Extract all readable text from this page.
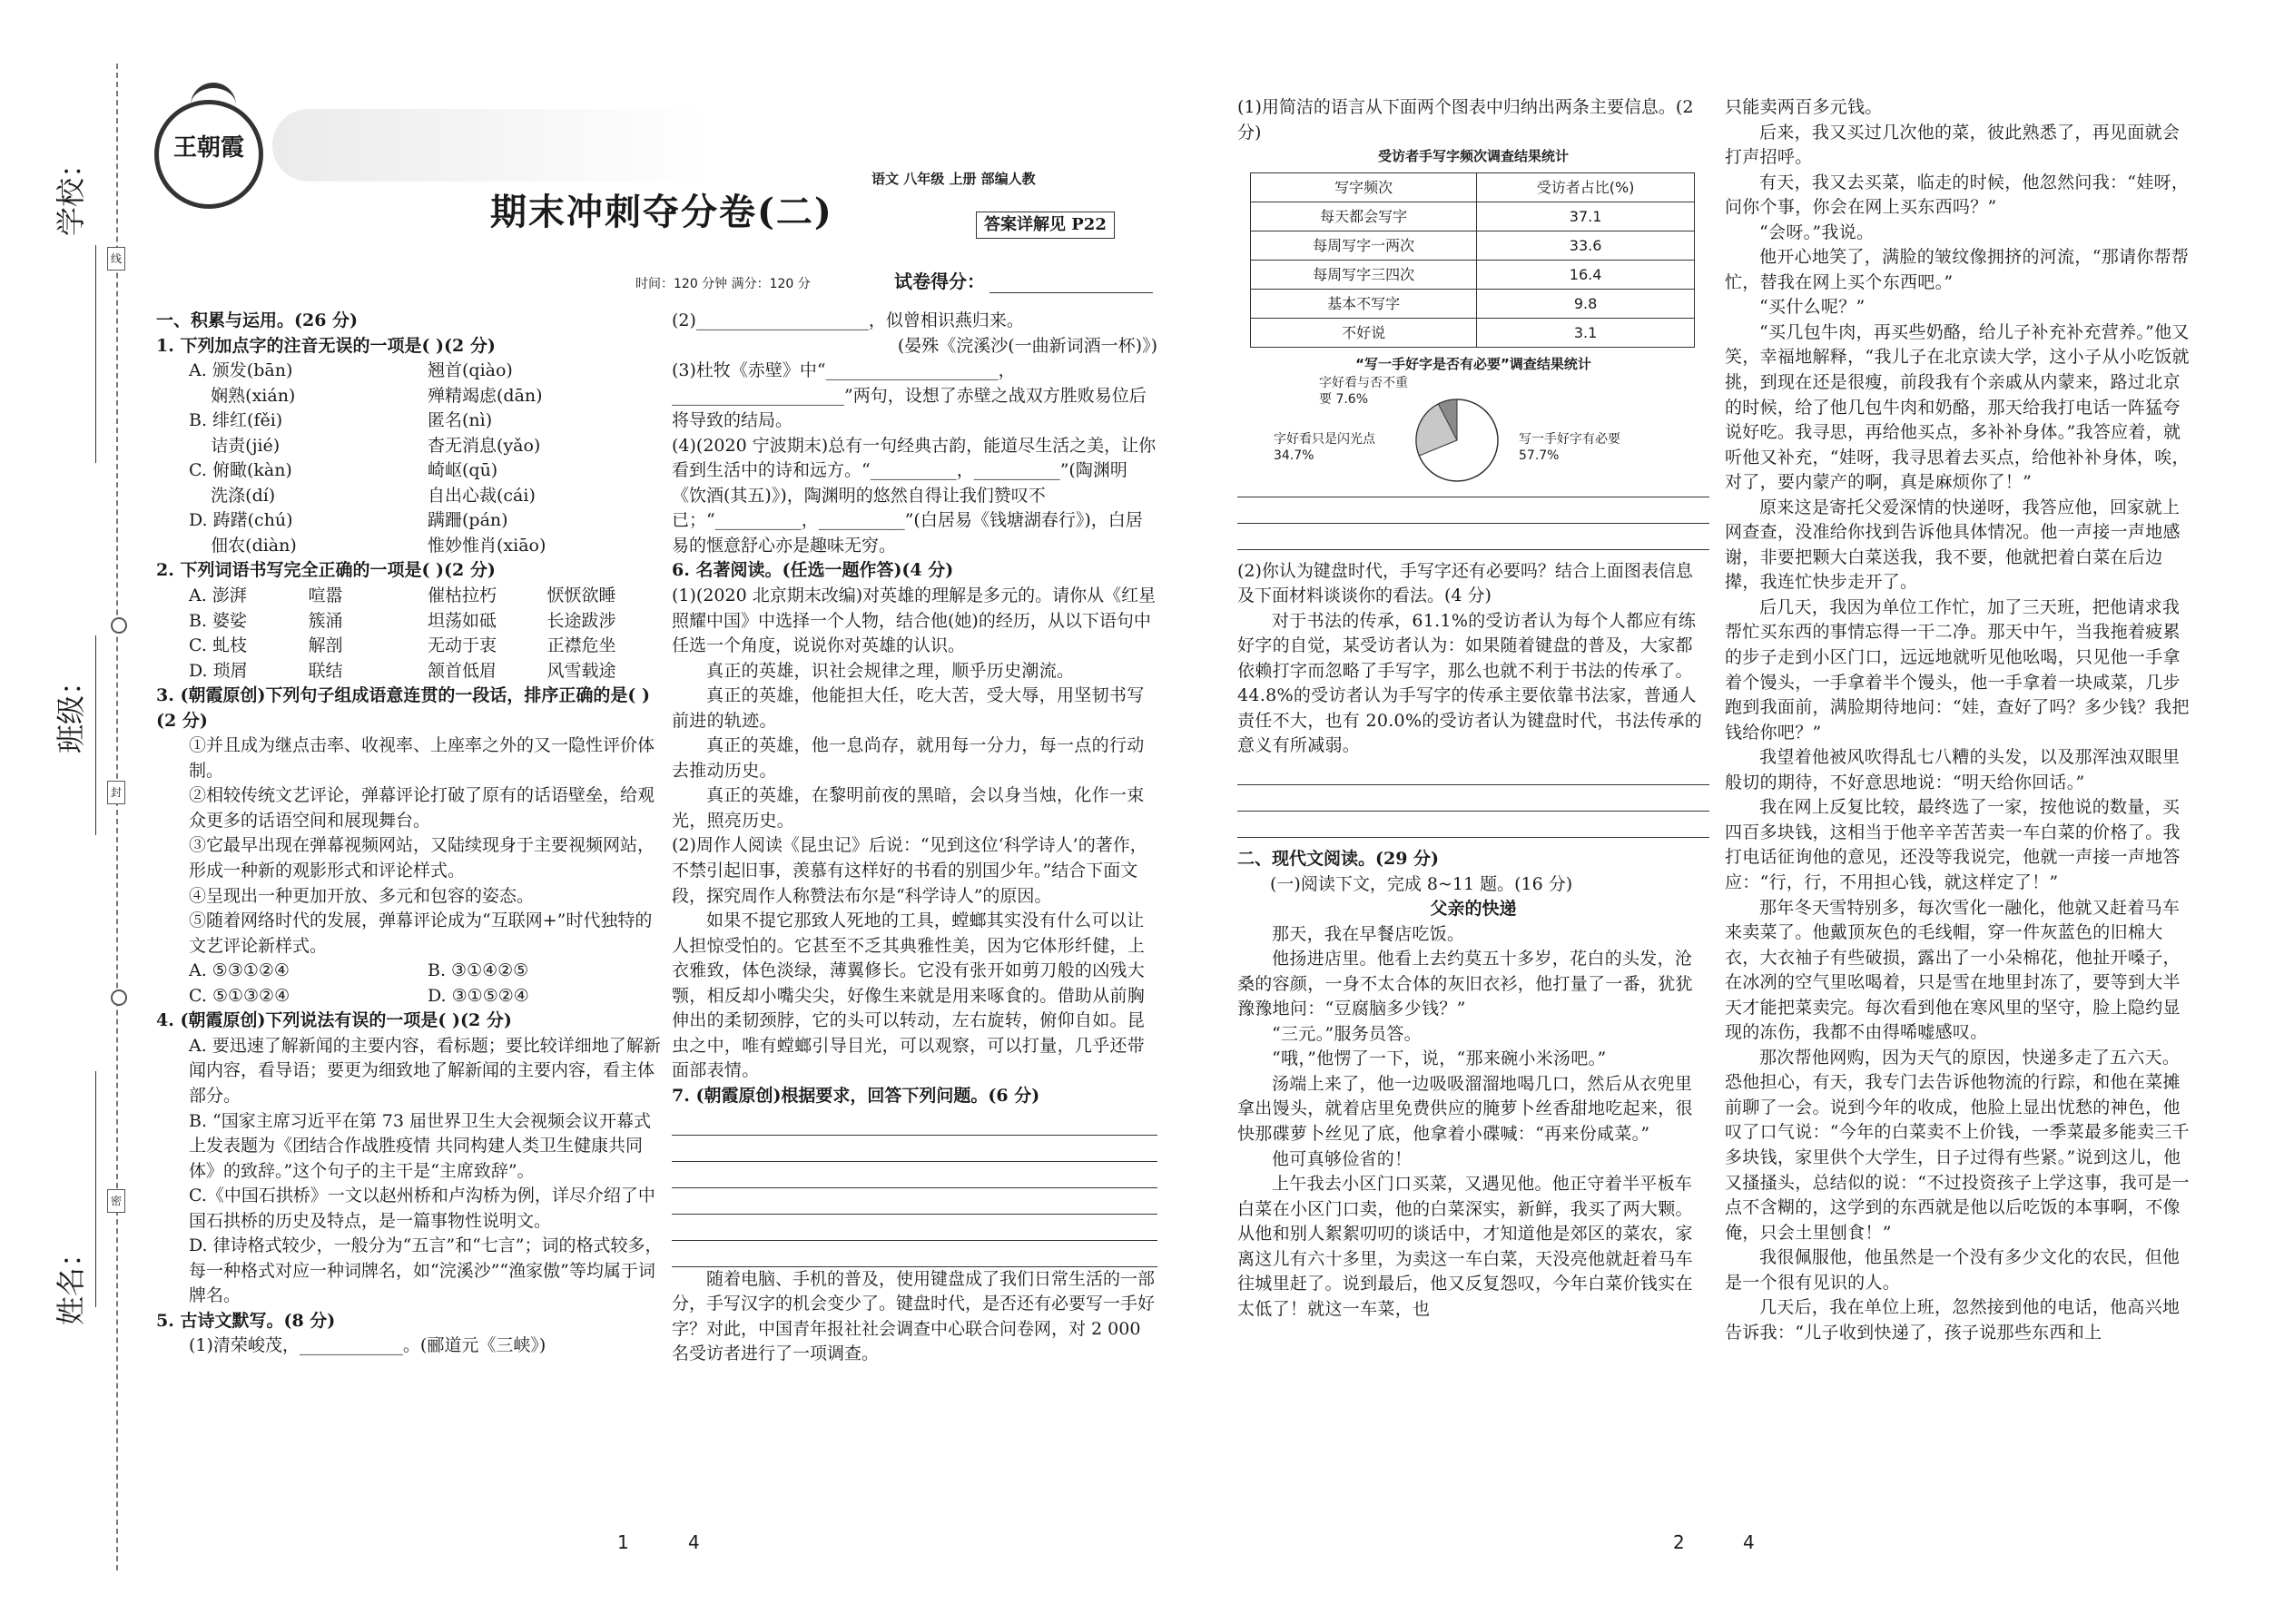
学校：
班级：
姓名：
线
封
密
王朝霞
期末冲刺夺分卷(二)
语文 八年级 上册 部编人教
答案详解见 P22
时间：120 分钟 满分：120 分	试卷得分：

一、积累与运用。(26 分)

1. 下列加点字的注音无误的一项是( )(2 分)

A. 颁发(bān)	翘首(qiào)
娴熟(xián)	殚精竭虑(dān)
B. 绯红(fěi)	匿名(nì)
诘责(jié)	杳无消息(yǎo)
C. 俯瞰(kàn)	崎岖(qū)
洗涤(dí)	自出心裁(cái)
D. 踌躇(chú)	蹒跚(pán)
佃农(diàn)	惟妙惟肖(xiāo)

2. 下列词语书写完全正确的一项是( )(2 分)

A. 澎湃	喧嚣	催枯拉朽	恹恹欲睡
B. 婆娑	簇涌	坦荡如砥	长途跋涉
C. 虬枝	解剖	无动于衷	正襟危坐
D. 琐屑	联结	颔首低眉	风雪载途

3. (朝霞原创)下列句子组成语意连贯的一段话，排序正确的是( )(2 分)

①并且成为继点击率、收视率、上座率之外的又一隐性评价体制。

②相较传统文艺评论，弹幕评论打破了原有的话语壁垒，给观众更多的话语空间和展现舞台。

③它最早出现在弹幕视频网站，又陆续现身于主要视频网站，形成一种新的观影形式和评论样式。

④呈现出一种更加开放、多元和包容的姿态。

⑤随着网络时代的发展，弹幕评论成为“互联网+”时代独特的文艺评论新样式。

A. ⑤③①②④	B. ③①④②⑤
C. ⑤①③②④	D. ③①⑤②④

4. (朝霞原创)下列说法有误的一项是( )(2 分)

A. 要迅速了解新闻的主要内容，看标题；要比较详细地了解新闻内容，看导语；要更为细致地了解新闻的主要内容，看主体部分。

B. “国家主席习近平在第 73 届世界卫生大会视频会议开幕式上发表题为《团结合作战胜疫情 共同构建人类卫生健康共同体》的致辞。”这个句子的主干是“主席致辞”。

C.《中国石拱桥》一文以赵州桥和卢沟桥为例，详尽介绍了中国石拱桥的历史及特点，是一篇事物性说明文。

D. 律诗格式较少，一般分为“五言”和“七言”；词的格式较多，每一种格式对应一种词牌名，如“浣溪沙”“渔家傲”等均属于词牌名。

5. 古诗文默写。(8 分)

(1)清荣峻茂，____________。(郦道元《三峡》)

(2)____________________，似曾相识燕归来。

(晏殊《浣溪沙(一曲新词酒一杯)》)

(3)杜牧《赤壁》中“____________________，____________________”两句，设想了赤壁之战双方胜败易位后将导致的结局。

(4)(2020 宁波期末)总有一句经典古韵，能道尽生活之美，让你看到生活中的诗和远方。“__________，__________”(陶渊明《饮酒(其五)》)，陶渊明的悠然自得让我们赞叹不已；“__________，__________”(白居易《钱塘湖春行》)，白居易的惬意舒心亦是趣味无穷。

6. 名著阅读。(任选一题作答)(4 分)

(1)(2020 北京期末改编)对英雄的理解是多元的。请你从《红星照耀中国》中选择一个人物，结合他(她)的经历，从以下语句中任选一个角度，说说你对英雄的认识。

真正的英雄，识社会规律之理，顺乎历史潮流。

真正的英雄，他能担大任，吃大苦，受大辱，用坚韧书写前进的轨迹。

真正的英雄，他一息尚存，就用每一分力，每一点的行动去推动历史。

真正的英雄，在黎明前夜的黑暗，会以身当烛，化作一束光，照亮历史。

(2)周作人阅读《昆虫记》后说：“见到这位‘科学诗人’的著作，不禁引起旧事，羡慕有这样好的书看的别国少年。”结合下面文段，探究周作人称赞法布尔是“科学诗人”的原因。

如果不提它那致人死地的工具，螳螂其实没有什么可以让人担惊受怕的。它甚至不乏其典雅性美，因为它体形纤健，上衣雅致，体色淡绿，薄翼修长。它没有张开如剪刀般的凶残大颚，相反却小嘴尖尖，好像生来就是用来啄食的。借助从前胸伸出的柔韧颈脖，它的头可以转动，左右旋转，俯仰自如。昆虫之中，唯有螳螂引导目光，可以观察，可以打量，几乎还带面部表情。

7. (朝霞原创)根据要求，回答下列问题。(6 分)

随着电脑、手机的普及，使用键盘成了我们日常生活的一部分，手写汉字的机会变少了。键盘时代，是否还有必要写一手好字？对此，中国青年报社社会调查中心联合问卷网，对 2 000 名受访者进行了一项调查。

(1)用简洁的语言从下面两个图表中归纳出两条主要信息。(2 分)

受访者手写字频次调查结果统计
写字频次	受访者占比(%)
每天都会写字	37.1
每周写字一两次	33.6
每周写字三四次	16.4
基本不写字	9.8
不好说	3.1
“写一手好字是否有必要”调查结果统计
字好看与否不重要 7.6%
字好看只是闪光点 34.7%
写一手好字有必要 57.7%

(2)你认为键盘时代，手写字还有必要吗？结合上面图表信息及下面材料谈谈你的看法。(4 分)

对于书法的传承，61.1%的受访者认为每个人都应有练好字的自觉，某受访者认为：如果随着键盘的普及，大家都依赖打字而忽略了手写字，那么也就不利于书法的传承了。44.8%的受访者认为手写字的传承主要依靠书法家，普通人责任不大，也有 20.0%的受访者认为键盘时代，书法传承的意义有所减弱。

二、现代文阅读。(29 分)

(一)阅读下文，完成 8~11 题。(16 分)

父亲的快递

那天，我在早餐店吃饭。

他扬进店里。他看上去约莫五十多岁，花白的头发，沧桑的容颜，一身不太合体的灰旧衣衫，他打量了一番，犹犹豫豫地问：“豆腐脑多少钱？”

“三元。”服务员答。

“哦，”他愣了一下，说，“那来碗小米汤吧。”

汤端上来了，他一边吸吸溜溜地喝几口，然后从衣兜里拿出馒头，就着店里免费供应的腌萝卜丝香甜地吃起来，很快那碟萝卜丝见了底，他拿着小碟喊：“再来份咸菜。”

他可真够俭省的！

上午我去小区门口买菜，又遇见他。他正守着半平板车白菜在小区门口卖，他的白菜深实，新鲜，我买了两大颗。从他和别人絮絮叨叨的谈话中，才知道他是郊区的菜农，家离这儿有六十多里，为卖这一车白菜，天没亮他就赶着马车往城里赶了。说到最后，他又反复怨叹，今年白菜价钱实在太低了！就这一车菜，也

只能卖两百多元钱。

后来，我又买过几次他的菜，彼此熟悉了，再见面就会打声招呼。

有天，我又去买菜，临走的时候，他忽然问我：“娃呀，问你个事，你会在网上买东西吗？”

“会呀。”我说。

他开心地笑了，满脸的皱纹像拥挤的河流，“那请你帮帮忙，替我在网上买个东西吧。”

“买什么呢？”

“买几包牛肉，再买些奶酪，给儿子补充补充营养。”他又笑，幸福地解释，“我儿子在北京读大学，这小子从小吃饭就挑，到现在还是很瘦，前段我有个亲戚从内蒙来，路过北京的时候，给了他几包牛肉和奶酪，那天给我打电话一阵猛夸说好吃。我寻思，再给他买点，多补补身体。”我答应着，就听他又补充，“娃呀，我寻思着去买点，给他补补身体，唉，对了，要内蒙产的啊，真是麻烦你了！”

原来这是寄托父爱深情的快递呀，我答应他，回家就上网查查，没准给你找到告诉他具体情况。他一声接一声地感谢，非要把颗大白菜送我，我不要，他就把着白菜在后边撵，我连忙快步走开了。

后几天，我因为单位工作忙，加了三天班，把他请求我帮忙买东西的事情忘得一干二净。那天中午，当我拖着疲累的步子走到小区门口，远远地就听见他吆喝，只见他一手拿着个馒头，一手拿着半个馒头，他一手拿着一块咸菜，几步跑到我面前，满脸期待地问：“娃，查好了吗？多少钱？我把钱给你吧？”

我望着他被风吹得乱七八糟的头发，以及那浑浊双眼里般切的期待，不好意思地说：“明天给你回话。”

我在网上反复比较，最终选了一家，按他说的数量，买四百多块钱，这相当于他辛辛苦苦卖一车白菜的价格了。我打电话征询他的意见，还没等我说完，他就一声接一声地答应：“行，行，不用担心钱，就这样定了！”

那年冬天雪特别多，每次雪化一融化，他就又赶着马车来卖菜了。他戴顶灰色的毛线帽，穿一件灰蓝色的旧棉大衣，大衣袖子有些破损，露出了一小朵棉花，他扯开嗓子，在冰冽的空气里吆喝着，只是雪在地里封冻了，要等到大半天才能把菜卖完。每次看到他在寒风里的坚守，脸上隐约显现的冻伤，我都不由得唏嘘感叹。

那次帮他网购，因为天气的原因，快递多走了五六天。恐他担心，有天，我专门去告诉他物流的行踪，和他在菜摊前聊了一会。说到今年的收成，他脸上显出忧愁的神色，他叹了口气说：“今年的白菜卖不上价钱，一季菜最多能卖三千多块钱，家里供个大学生，日子过得有些紧。”说到这儿，他又搔搔头，总结似的说：“不过投资孩子上学这事，我可是一点不含糊的，这学到的东西就是他以后吃饭的本事啊，不像俺，只会土里刨食！”

我很佩服他，他虽然是一个没有多少文化的农民，但他是一个很有见识的人。

几天后，我在单位上班，忽然接到他的电话，他高兴地告诉我：“儿子收到快递了，孩子说那些东西和上

1	4	2	4
